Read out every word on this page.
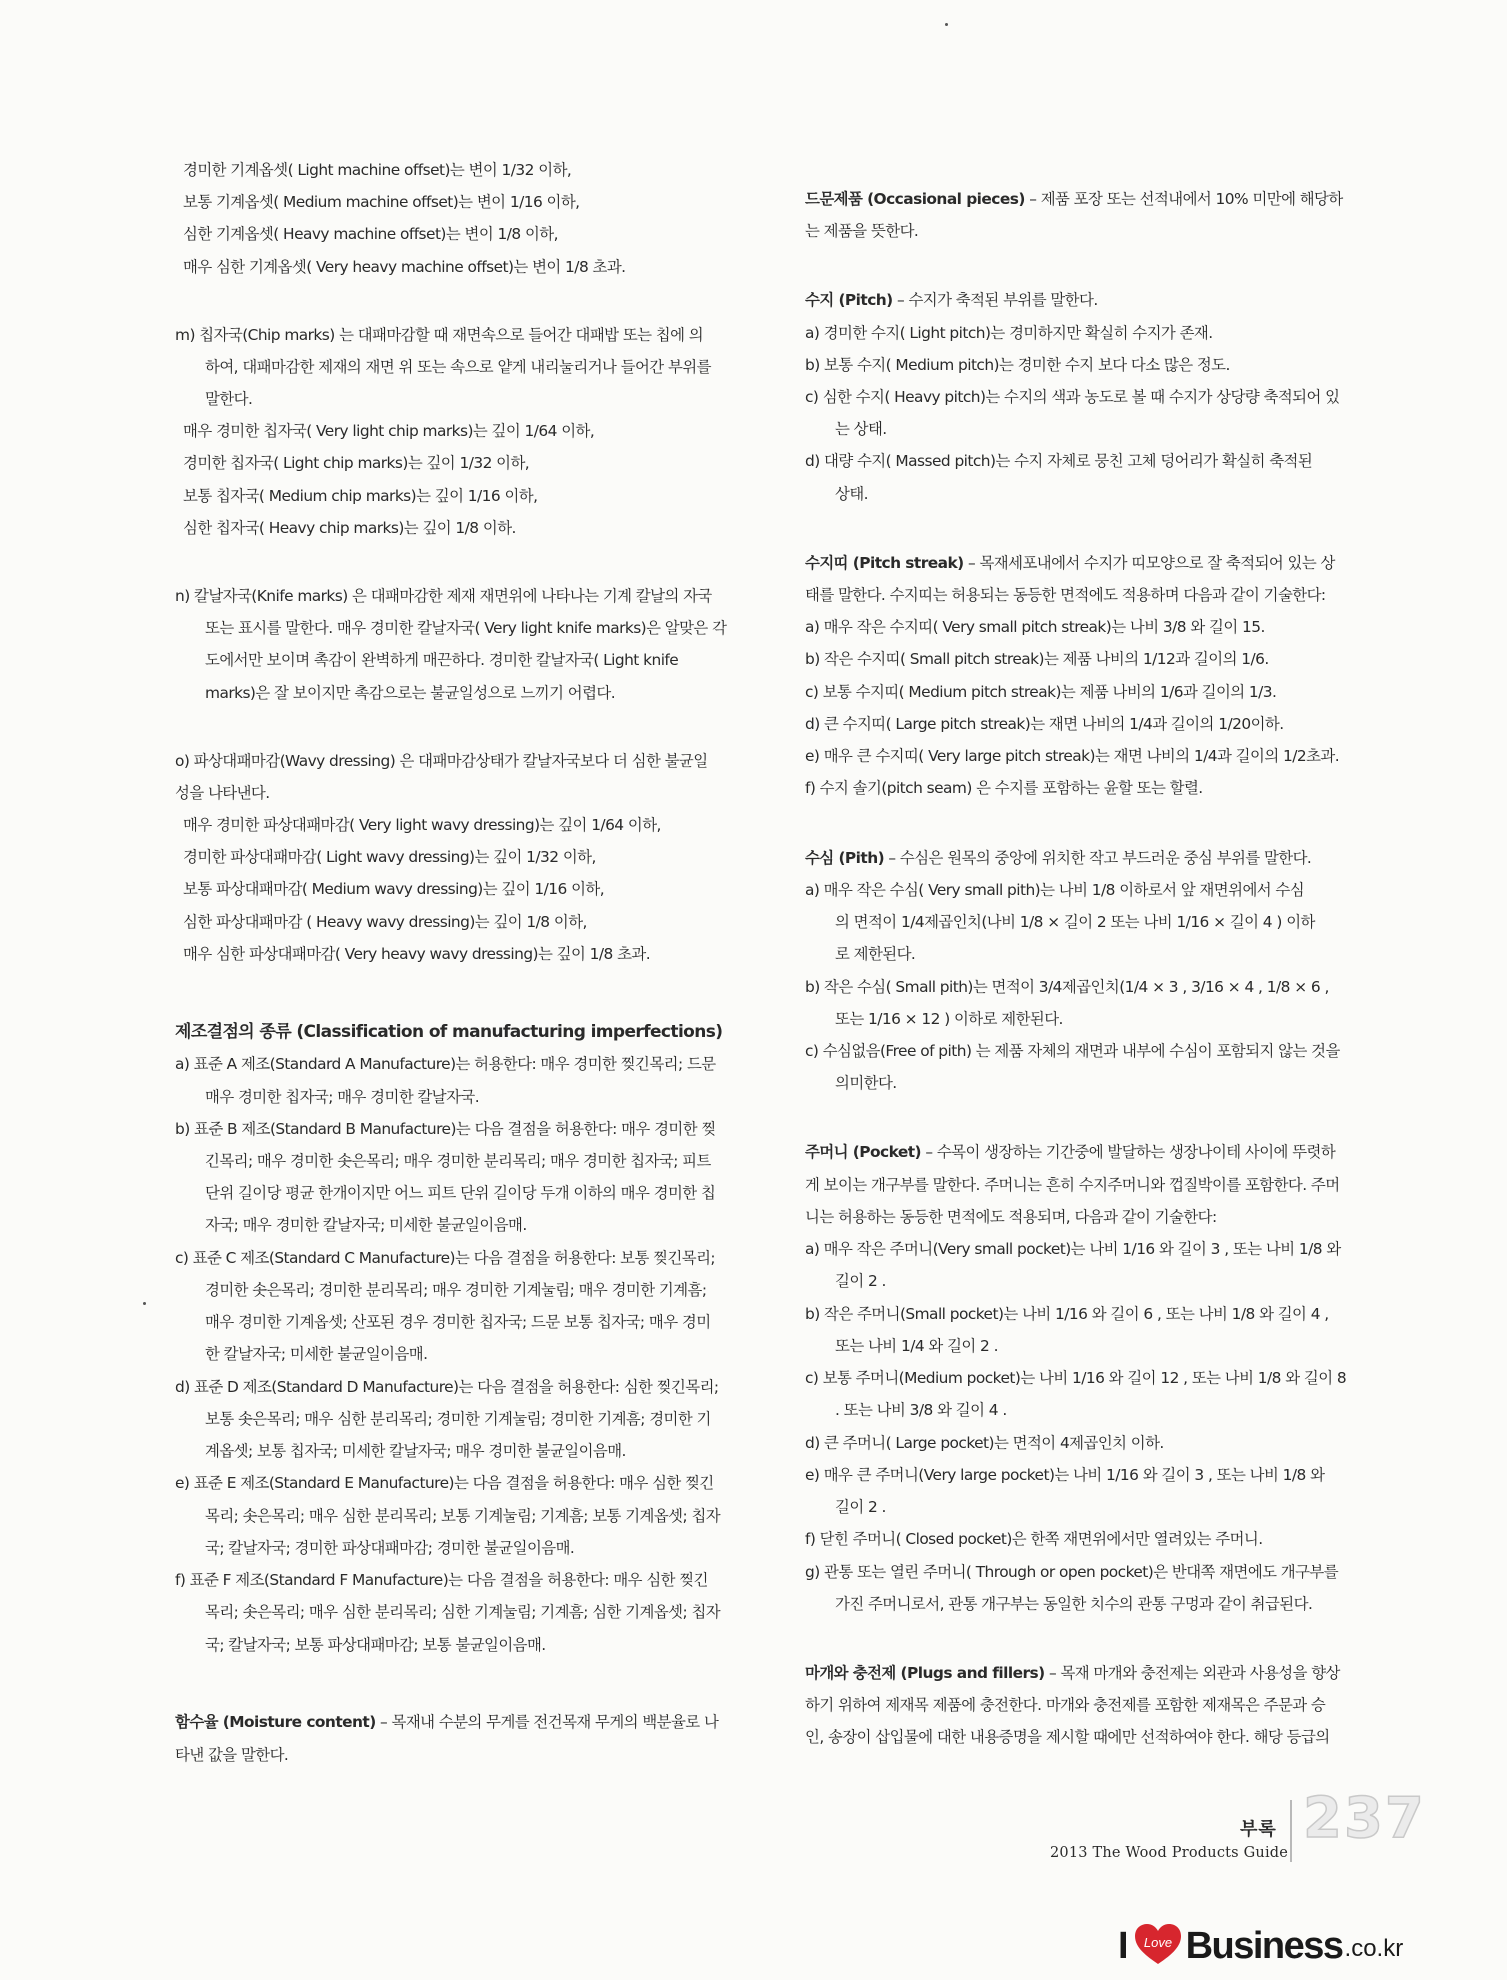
경미한 기계옵셋( Light machine offset)는 변이 1/32 이하,
보통 기계옵셋( Medium machine offset)는 변이 1/16 이하,
심한 기계옵셋( Heavy machine offset)는 변이 1/8 이하,
매우 심한 기계옵셋( Very heavy machine offset)는 변이 1/8 초과.
m) 칩자국(Chip marks) 는 대패마감할 때 재면속으로 들어간 대패밥 또는 칩에 의
하여, 대패마감한 제재의 재면 위 또는 속으로 얕게 내리눌리거나 들어간 부위를
말한다.
매우 경미한 칩자국( Very light chip marks)는 깊이 1/64 이하,
경미한 칩자국( Light chip marks)는 깊이 1/32 이하,
보통 칩자국( Medium chip marks)는 깊이 1/16 이하,
심한 칩자국( Heavy chip marks)는 깊이 1/8 이하.
n) 칼날자국(Knife marks) 은 대패마감한 제재 재면위에 나타나는 기계 칼날의 자국
또는 표시를 말한다. 매우 경미한 칼날자국( Very light knife marks)은 알맞은 각
도에서만 보이며 촉감이 완벽하게 매끈하다. 경미한 칼날자국( Light knife
marks)은 잘 보이지만 촉감으로는 불균일성으로 느끼기 어렵다.
o) 파상대패마감(Wavy dressing) 은 대패마감상태가 칼날자국보다 더 심한 불균일
성을 나타낸다.
매우 경미한 파상대패마감( Very light wavy dressing)는 깊이 1/64 이하,
경미한 파상대패마감( Light wavy dressing)는 깊이 1/32 이하,
보통 파상대패마감( Medium wavy dressing)는 깊이 1/16 이하,
심한 파상대패마감 ( Heavy wavy dressing)는 깊이 1/8 이하,
매우 심한 파상대패마감( Very heavy wavy dressing)는 깊이 1/8 초과.
제조결점의 종류 (Classification of manufacturing imperfections)
a) 표준 A 제조(Standard A Manufacture)는 허용한다: 매우 경미한 찢긴목리; 드문
매우 경미한 칩자국; 매우 경미한 칼날자국.
b) 표준 B 제조(Standard B Manufacture)는 다음 결점을 허용한다: 매우 경미한 찢
긴목리; 매우 경미한 솟은목리; 매우 경미한 분리목리; 매우 경미한 칩자국; 피트
단위 길이당 평균 한개이지만 어느 피트 단위 길이당 두개 이하의 매우 경미한 칩
자국; 매우 경미한 칼날자국; 미세한 불균일이음매.
c) 표준 C 제조(Standard C Manufacture)는 다음 결점을 허용한다: 보통 찢긴목리;
경미한 솟은목리; 경미한 분리목리; 매우 경미한 기계눌림; 매우 경미한 기계흠;
매우 경미한 기계옵셋; 산포된 경우 경미한 칩자국; 드문 보통 칩자국; 매우 경미
한 칼날자국; 미세한 불균일이음매.
d) 표준 D 제조(Standard D Manufacture)는 다음 결점을 허용한다: 심한 찢긴목리;
보통 솟은목리; 매우 심한 분리목리; 경미한 기계눌림; 경미한 기계흠; 경미한 기
계옵셋; 보통 칩자국; 미세한 칼날자국; 매우 경미한 불균일이음매.
e) 표준 E 제조(Standard E Manufacture)는 다음 결점을 허용한다: 매우 심한 찢긴
목리; 솟은목리; 매우 심한 분리목리; 보통 기계눌림; 기계흠; 보통 기계옵셋; 칩자
국; 칼날자국; 경미한 파상대패마감; 경미한 불균일이음매.
f) 표준 F 제조(Standard F Manufacture)는 다음 결점을 허용한다: 매우 심한 찢긴
목리; 솟은목리; 매우 심한 분리목리; 심한 기계눌림; 기계흠; 심한 기계옵셋; 칩자
국; 칼날자국; 보통 파상대패마감; 보통 불균일이음매.
함수율 (Moisture content) – 목재내 수분의 무게를 전건목재 무게의 백분율로 나
타낸 값을 말한다.
드문제품 (Occasional pieces) – 제품 포장 또는 선적내에서 10% 미만에 해당하
는 제품을 뜻한다.
수지 (Pitch) – 수지가 축적된 부위를 말한다.
a) 경미한 수지( Light pitch)는 경미하지만 확실히 수지가 존재.
b) 보통 수지( Medium pitch)는 경미한 수지 보다 다소 많은 정도.
c) 심한 수지( Heavy pitch)는 수지의 색과 농도로 볼 때 수지가 상당량 축적되어 있
는 상태.
d) 대량 수지( Massed pitch)는 수지 자체로 뭉친 고체 덩어리가 확실히 축적된
상태.
수지띠 (Pitch streak) – 목재세포내에서 수지가 띠모양으로 잘 축적되어 있는 상
태를 말한다. 수지띠는 허용되는 동등한 면적에도 적용하며 다음과 같이 기술한다:
a) 매우 작은 수지띠( Very small pitch streak)는 나비 3/8 와 길이 15.
b) 작은 수지띠( Small pitch streak)는 제품 나비의 1/12과 길이의 1/6.
c) 보통 수지띠( Medium pitch streak)는 제품 나비의 1/6과 길이의 1/3.
d) 큰 수지띠( Large pitch streak)는 재면 나비의 1/4과 길이의 1/20이하.
e) 매우 큰 수지띠( Very large pitch streak)는 재면 나비의 1/4과 길이의 1/2초과.
f) 수지 솔기(pitch seam) 은 수지를 포함하는 윤할 또는 할렬.
수심 (Pith) – 수심은 원목의 중앙에 위치한 작고 부드러운 중심 부위를 말한다.
a) 매우 작은 수심( Very small pith)는 나비 1/8 이하로서 앞 재면위에서 수심
의 면적이 1/4제곱인치(나비 1/8 × 길이 2 또는 나비 1/16 × 길이 4 ) 이하
로 제한된다.
b) 작은 수심( Small pith)는 면적이 3/4제곱인치(1/4 × 3 , 3/16 × 4 , 1/8 × 6 ,
또는 1/16 × 12 ) 이하로 제한된다.
c) 수심없음(Free of pith) 는 제품 자체의 재면과 내부에 수심이 포함되지 않는 것을
의미한다.
주머니 (Pocket) – 수목이 생장하는 기간중에 발달하는 생장나이테 사이에 뚜렷하
게 보이는 개구부를 말한다. 주머니는 흔히 수지주머니와 껍질박이를 포함한다. 주머
니는 허용하는 동등한 면적에도 적용되며, 다음과 같이 기술한다:
a) 매우 작은 주머니(Very small pocket)는 나비 1/16 와 길이 3 , 또는 나비 1/8 와
길이 2 .
b) 작은 주머니(Small pocket)는 나비 1/16 와 길이 6 , 또는 나비 1/8 와 길이 4 ,
또는 나비 1/4 와 길이 2 .
c) 보통 주머니(Medium pocket)는 나비 1/16 와 길이 12 , 또는 나비 1/8 와 길이 8
. 또는 나비 3/8 와 길이 4 .
d) 큰 주머니( Large pocket)는 면적이 4제곱인치 이하.
e) 매우 큰 주머니(Very large pocket)는 나비 1/16 와 길이 3 , 또는 나비 1/8 와
길이 2 .
f) 닫힌 주머니( Closed pocket)은 한쪽 재면위에서만 열려있는 주머니.
g) 관통 또는 열린 주머니( Through or open pocket)은 반대쪽 재면에도 개구부를
가진 주머니로서, 관통 개구부는 동일한 치수의 관통 구멍과 같이 취급된다.
마개와 충전제 (Plugs and fillers) – 목재 마개와 충전제는 외관과 사용성을 향상
하기 위하여 제재목 제품에 충전한다. 마개와 충전제를 포함한 제재목은 주문과 승
인, 송장이 삽입물에 대한 내용증명을 제시할 때에만 선적하여야 한다. 해당 등급의
부록
2013 The Wood Products Guide
237
I Love Business .co.kr
